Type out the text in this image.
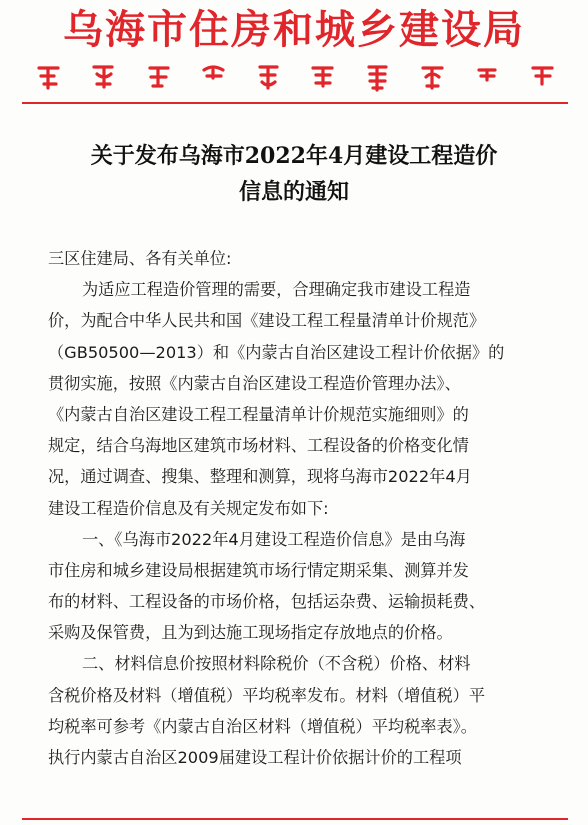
乌海市住房和城乡建设局
关于发布乌海市2022年4月建设工程造价
信息的通知
三区住建局、各有关单位:
为适应工程造价管理的需要，合理确定我市建设工程造
价，为配合中华人民共和国《建设工程工程量清单计价规范》
（GB50500—2013）和《内蒙古自治区建设工程计价依据》的
贯彻实施，按照《内蒙古自治区建设工程造价管理办法》、
《内蒙古自治区建设工程工程量清单计价规范实施细则》的
规定，结合乌海地区建筑市场材料、工程设备的价格变化情
况，通过调查、搜集、整理和测算，现将乌海市2022年4月
建设工程造价信息及有关规定发布如下:
一、《乌海市2022年4月建设工程造价信息》是由乌海
市住房和城乡建设局根据建筑市场行情定期采集、测算并发
布的材料、工程设备的市场价格，包括运杂费、运输损耗费、
采购及保管费，且为到达施工现场指定存放地点的价格。
二、材料信息价按照材料除税价（不含税）价格、材料
含税价格及材料（增值税）平均税率发布。材料（增值税）平
均税率可参考《内蒙古自治区材料（增值税）平均税率表》。
执行内蒙古自治区2009届建设工程计价依据计价的工程项
